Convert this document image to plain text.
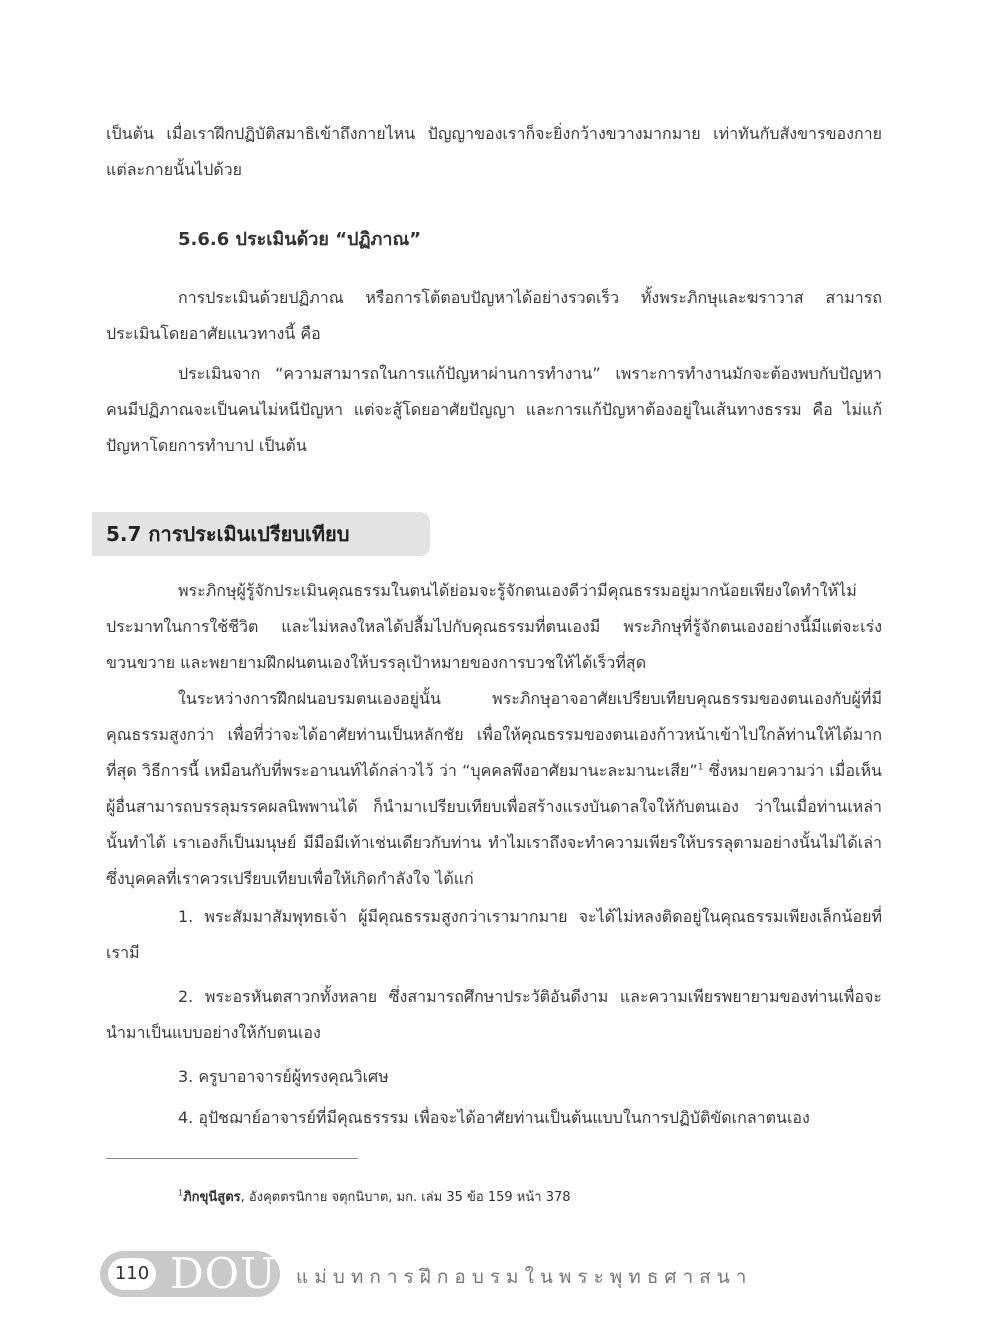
เป็นต้น เมื่อเราฝึกปฏิบัติสมาธิเข้าถึงกายไหน ปัญญาของเราก็จะยิ่งกว้างขวางมากมาย เท่าทันกับสังขารของกายแต่ละกายนั้นไปด้วย

5.6.6 ประเมินด้วย “ปฏิภาณ”

การประเมินด้วยปฏิภาณ หรือการโต้ตอบปัญหาได้อย่างรวดเร็ว ทั้งพระภิกษุและฆราวาส สามารถประเมินโดยอาศัยแนวทางนี้ คือ

ประเมินจาก “ความสามารถในการแก้ปัญหาผ่านการทำงาน” เพราะการทำงานมักจะต้องพบกับปัญหา คนมีปฏิภาณจะเป็นคนไม่หนีปัญหา แต่จะสู้โดยอาศัยปัญญา และการแก้ปัญหาต้องอยู่ในเส้นทางธรรม คือ ไม่แก้ปัญหาโดยการทำบาป เป็นต้น

5.7 การประเมินเปรียบเทียบ

พระภิกษุผู้รู้จักประเมินคุณธรรมในตนได้ย่อมจะรู้จักตนเองดีว่ามีคุณธรรมอยู่มากน้อยเพียงใดทำให้ไม่ประมาทในการใช้ชีวิต และไม่หลงใหลได้ปลื้มไปกับคุณธรรมที่ตนเองมี พระภิกษุที่รู้จักตนเองอย่างนี้มีแต่จะเร่งขวนขวาย และพยายามฝึกฝนตนเองให้บรรลุเป้าหมายของการบวชให้ได้เร็วที่สุด

ในระหว่างการฝึกฝนอบรมตนเองอยู่นั้น พระภิกษุอาจอาศัยเปรียบเทียบคุณธรรมของตนเองกับผู้ที่มีคุณธรรมสูงกว่า เพื่อที่ว่าจะได้อาศัยท่านเป็นหลักชัย เพื่อให้คุณธรรมของตนเองก้าวหน้าเข้าไปใกล้ท่านให้ได้มากที่สุด วิธีการนี้ เหมือนกับที่พระอานนท์ได้กล่าวไว้ ว่า “บุคคลพึงอาศัยมานะละมานะเสีย”$^1$ ซึ่งหมายความว่า เมื่อเห็นผู้อื่นสามารถบรรลุมรรคผลนิพพานได้ ก็นำมาเปรียบเทียบเพื่อสร้างแรงบันดาลใจให้กับตนเอง ว่าในเมื่อท่านเหล่านั้นทำได้ เราเองก็เป็นมนุษย์ มีมือมีเท้าเช่นเดียวกับท่าน ทำไมเราถึงจะทำความเพียรให้บรรลุตามอย่างนั้นไม่ได้เล่า ซึ่งบุคคลที่เราควรเปรียบเทียบเพื่อให้เกิดกำลังใจ ได้แก่

1. พระสัมมาสัมพุทธเจ้า ผู้มีคุณธรรมสูงกว่าเรามากมาย จะได้ไม่หลงติดอยู่ในคุณธรรมเพียงเล็กน้อยที่เรามี

2. พระอรหันตสาวกทั้งหลาย ซึ่งสามารถศึกษาประวัติอันดีงาม และความเพียรพยายามของท่านเพื่อจะนำมาเป็นแบบอย่างให้กับตนเอง

3. ครูบาอาจารย์ผู้ทรงคุณวิเศษ

4. อุปัชฌาย์อาจารย์ที่มีคุณธรรรม เพื่อจะได้อาศัยท่านเป็นต้นแบบในการปฏิบัติขัดเกลาตนเอง

$^1$ภิกขุนีสูตร, อังคุตตรนิกาย จตุกนิบาต, มก. เล่ม 35 ข้อ 159 หน้า 378

110 DOU แม่บทการฝึกอบรมในพระพุทธศาสนา
